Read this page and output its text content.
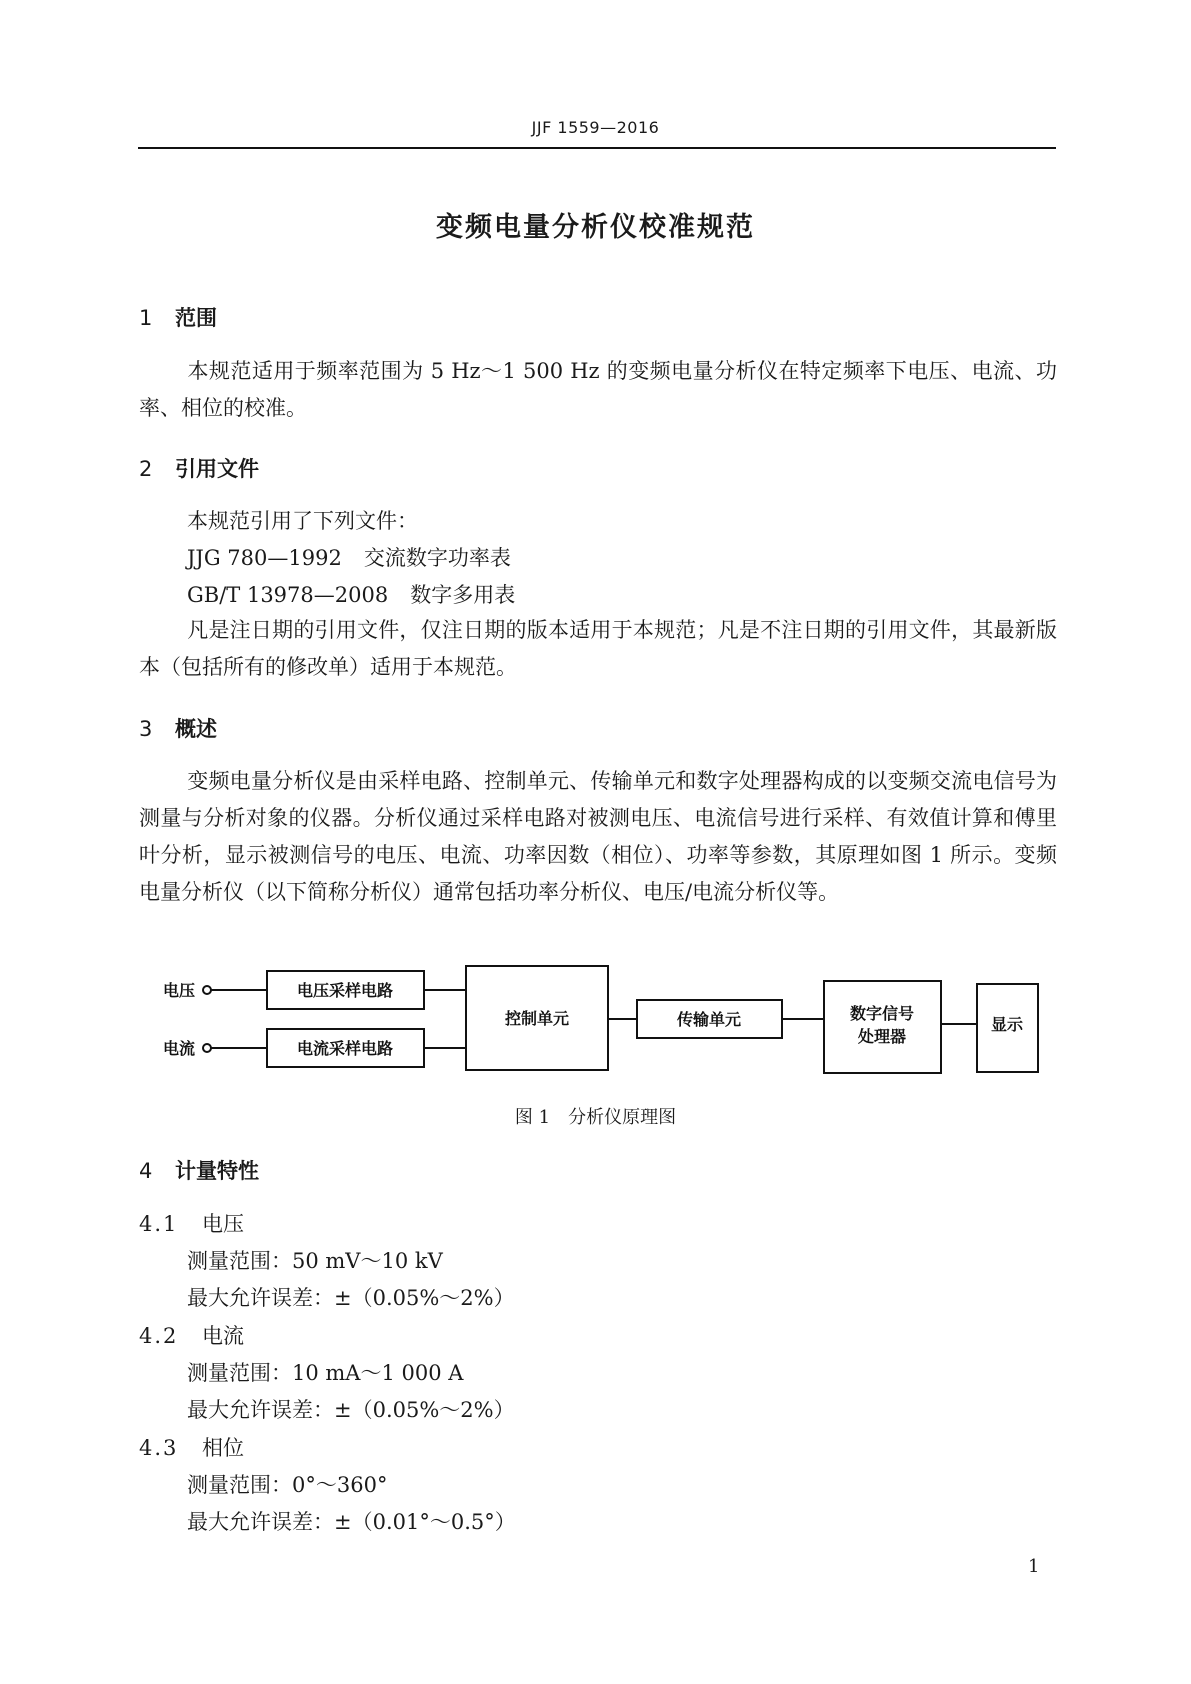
JJF 1559—2016
变频电量分析仪校准规范
1 范围

本规范适用于频率范围为 5 Hz～1 500 Hz 的变频电量分析仪在特定频率下电压、电流、功率、相位的校准。

2 引用文件
本规范引用了下列文件：
JJG 780—1992 交流数字功率表
GB/T 13978—2008 数字多用表

凡是注日期的引用文件，仅注日期的版本适用于本规范；凡是不注日期的引用文件，其最新版本（包括所有的修改单）适用于本规范。

3 概述

变频电量分析仪是由采样电路、控制单元、传输单元和数字处理器构成的以变频交流电信号为测量与分析对象的仪器。分析仪通过采样电路对被测电压、电流信号进行采样、有效值计算和傅里叶分析，显示被测信号的电压、电流、功率因数（相位）、功率等参数，其原理如图 1 所示。变频电量分析仪（以下简称分析仪）通常包括功率分析仪、电压/电流分析仪等。

电压
电流
电压采样电路
电流采样电路
控制单元	传输单元	数字信号
处理器
显示
图 1 分析仪原理图
4 计量特性
4.1 电压
测量范围：50 mV～10 kV
最大允许误差：±（0.05%～2%）
4.2 电流
测量范围：10 mA～1 000 A
最大允许误差：±（0.05%～2%）
4.3 相位
测量范围：0°～360°
最大允许误差：±（0.01°～0.5°）
1
